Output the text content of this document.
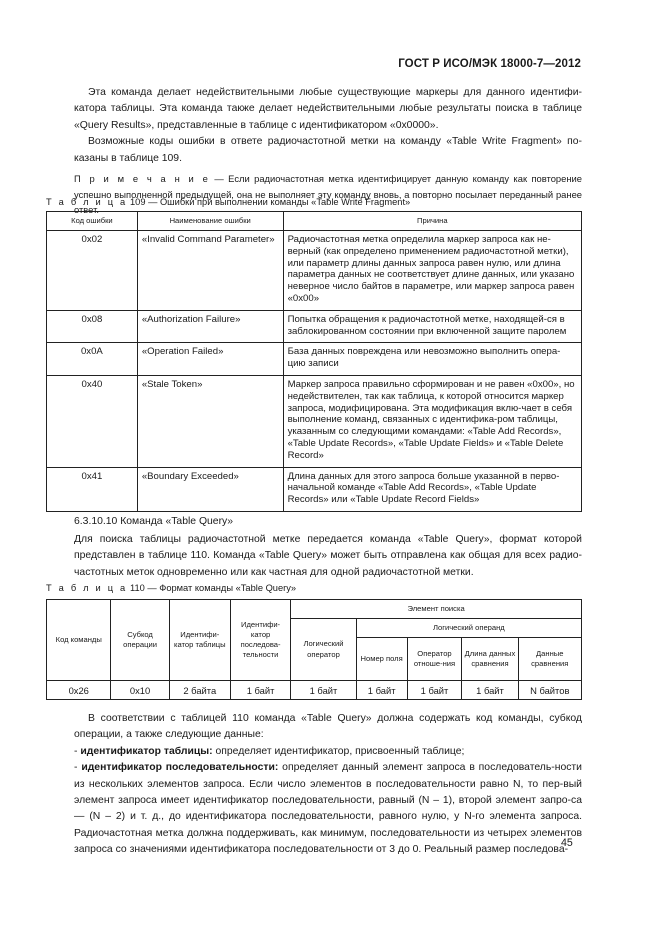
ГОСТ Р ИСО/МЭК 18000-7—2012

Эта команда делает недействительными любые существующие маркеры для данного идентифи-катора таблицы. Эта команда также делает недействительными любые результаты поиска в таблице «Query Results», представленные в таблице с идентификатором «0x0000».

Возможные коды ошибки в ответе радиочастотной метки на команду «Table Write Fragment» по-казаны в таблице 109.

П р и м е ч а н и е — Если радиочастотная метка идентифицирует данную команду как повторение успешно выполненной предыдущей, она не выполняет эту команду вновь, а повторно посылает переданный ранее ответ.

Т а б л и ц а 109 — Ошибки при выполнении команды «Table Write Fragment»
Код ошибки	Наименование ошибки	Причина
0x02	«Invalid Command Parameter»	Радиочастотная метка определила маркер запроса как не-верный (как определено применением радиочастотной метки), или параметр длины данных запроса равен нулю, или длина параметра данных не соответствует длине данных, или указано неверное число байтов в параметре, или маркер запроса равен «0x00»
0x08	«Authorization Failure»	Попытка обращения к радиочастотной метке, находящей-ся в заблокированном состоянии при включенной защите паролем
0x0A	«Operation Failed»	База данных повреждена или невозможно выполнить опера-цию записи
0x40	«Stale Token»	Маркер запроса правильно сформирован и не равен «0x00», но недействителен, так как таблица, к которой относится маркер запроса, модифицирована. Эта модификация вклю-чает в себя выполнение команд, связанных с идентифика-ром таблицы, указанным со следующими командами: «Table Add Records», «Table Update Records», «Table Update Fields» и «Table Delete Record»
0x41	«Boundary Exceeded»	Длина данных для этого запроса больше указанной в перво-начальной команде «Table Add Records», «Table Update Records» или «Table Update Record Fields»
6.3.10.10 Команда «Table Query»

Для поиска таблицы радиочастотной метке передается команда «Table Query», формат которой представлен в таблице 110. Команда «Table Query» может быть отправлена как общая для всех радио-частотных меток одновременно или как частная для одной радиочастотной метки.

Т а б л и ц а 110 — Формат команды «Table Query»
Код команды	Субкод операции	Идентифи-катор таблицы	Идентифи-катор последова-тельности	Элемент поиска				
				Логический оператор	Логический операнд			
					Номер поля	Оператор отноше-ния	Длина данных сравнения	Данные сравнения
0x26	0x10	2 байта	1 байт	1 байт	1 байт	1 байт	1 байт	N байтов

В соответствии с таблицей 110 команда «Table Query» должна содержать код команды, субкод операции, а также следующие данные:

- идентификатор таблицы: определяет идентификатор, присвоенный таблице;

- идентификатор последовательности: определяет данный элемент запроса в последователь-ности из нескольких элементов запроса. Если число элементов в последовательности равно N, то пер-вый элемент запроса имеет идентификатор последовательности, равный (N – 1), второй элемент запро-са — (N – 2) и т. д., до идентификатора последовательности, равного нулю, у N-го элемента запроса. Радиочастотная метка должна поддерживать, как минимум, последовательности из четырех элементов запроса со значениями идентификатора последовательности от 3 до 0. Реальный размер последова-

45
